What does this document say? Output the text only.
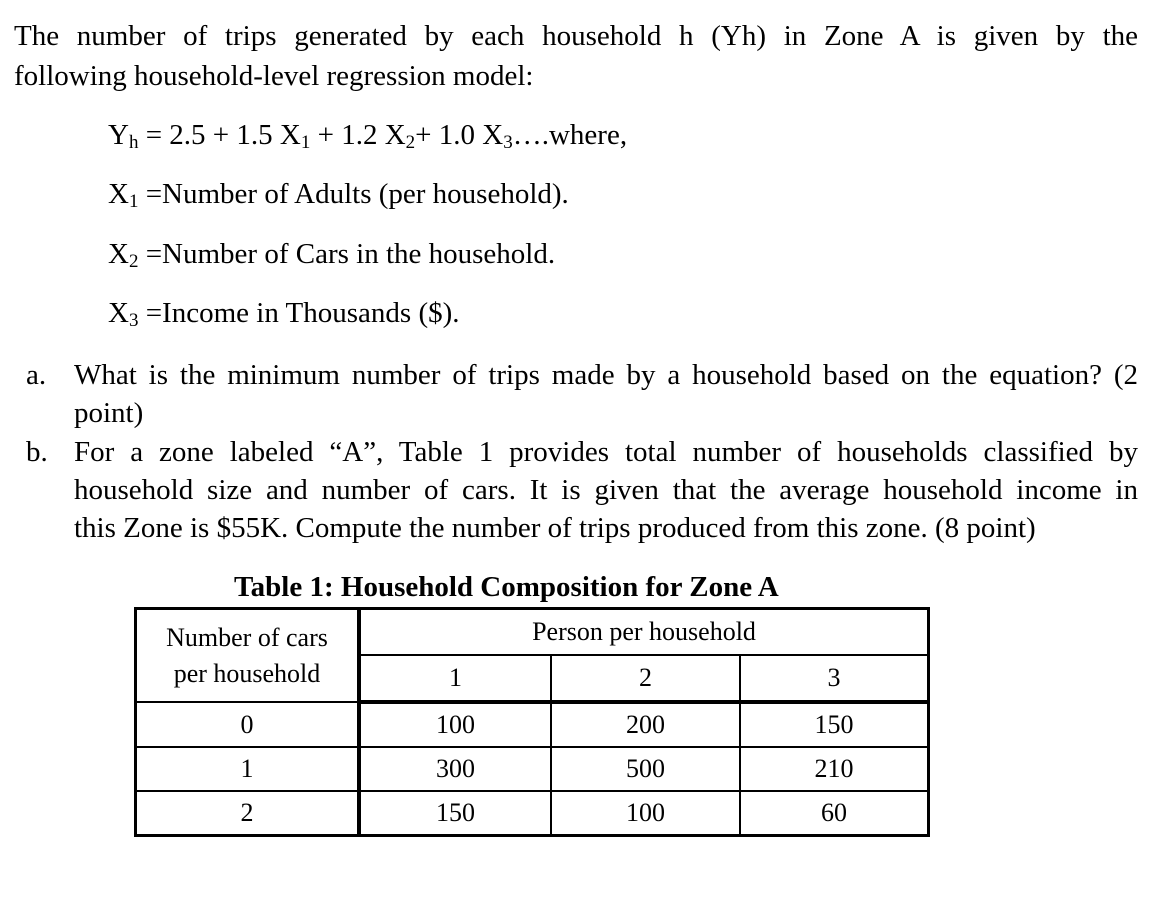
The number of trips generated by each household h (Yh) in Zone A is given by the
following household-level regression model:
$Y_h = 2.5 + 1.5$ $X_1 + 1.2$ $X_2+ 1.0$ $X_3\dots.where$,
$X_1$ =Number of Adults (per household).
$X_2$ =Number of Cars in the household.
$X_3$ =Income in Thousands ($).
a. What is the minimum number of trips made by a household based on the equation? (2
point)
b. For a zone labeled “A”, Table 1 provides total number of households classified by
household size and number of cars. It is given that the average household income in
this Zone is $55K. Compute the number of trips produced from this zone. (8 point)
Table 1: Household Composition for Zone A
Number of cars
per household	Person per household		
	1	2	3
0	100	200	150
1	300	500	210
2	150	100	60
